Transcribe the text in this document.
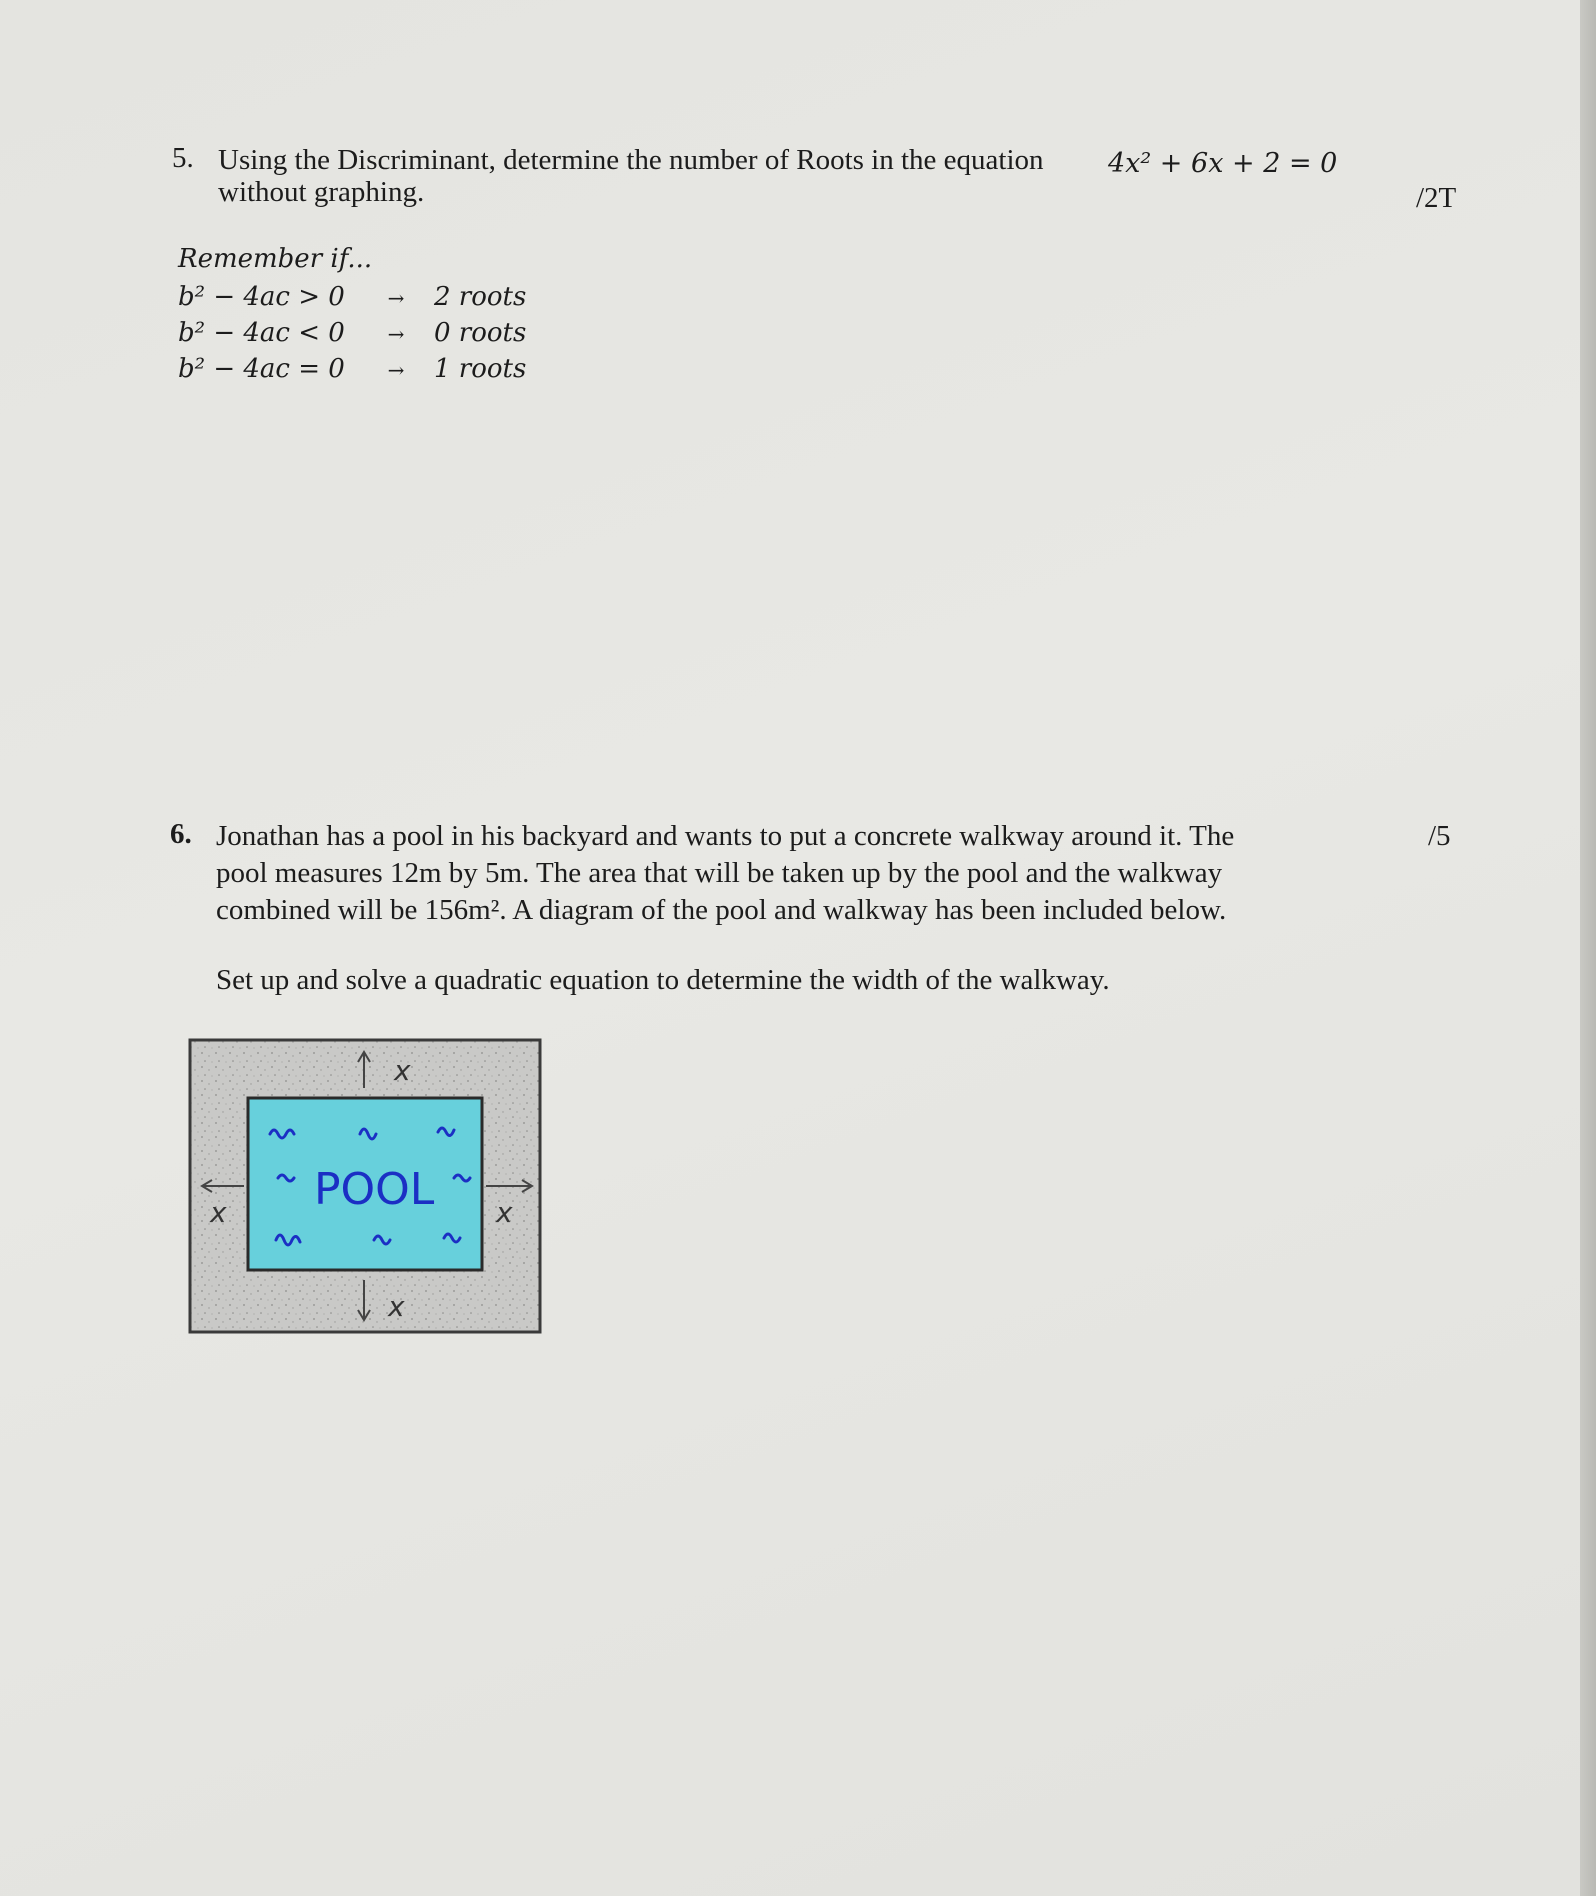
5. Using the Discriminant, determine the number of Roots in the equation 4x² + 6x + 2 = 0
without graphing.	/2T
Remember if...
b² − 4ac > 0 → 2 roots
b² − 4ac < 0 → 0 roots
b² − 4ac = 0 → 1 roots
6. Jonathan has a pool in his backyard and wants to put a concrete walkway around it. The
pool measures 12m by 5m. The area that will be taken up by the pool and the walkway
combined will be 156m². A diagram of the pool and walkway has been included below.
/5
Set up and solve a quadratic equation to determine the width of the walkway.
x
x
x	x
POOL
